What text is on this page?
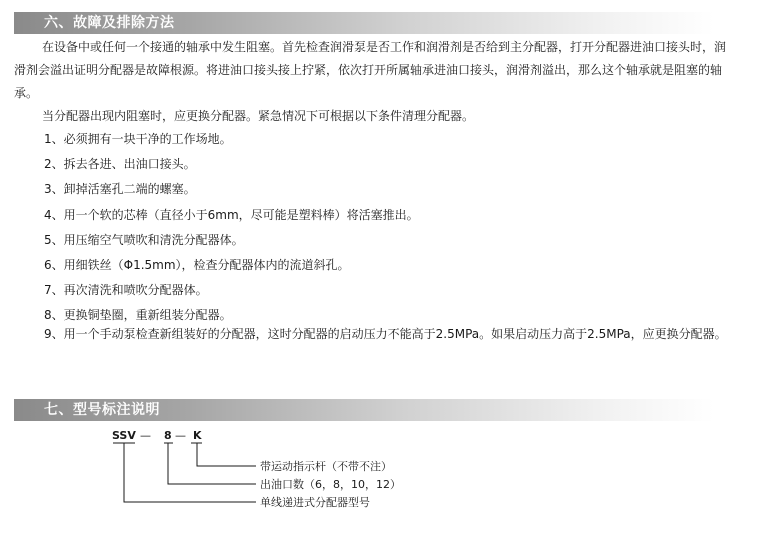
六、故障及排除方法

在设备中或任何一个接通的轴承中发生阻塞。首先检查润滑泵是否工作和润滑剂是否给到主分配器，打开分配器进油口接头时，润滑剂会溢出证明分配器是故障根源。将进油口接头接上拧紧，依次打开所属轴承进油口接头，润滑剂溢出，那么这个轴承就是阻塞的轴承。

当分配器出现内阻塞时，应更换分配器。紧急情况下可根据以下条件清理分配器。

1、必须拥有一块干净的工作场地。
2、拆去各进、出油口接头。
3、卸掉活塞孔二端的螺塞。
4、用一个软的芯棒（直径小于6mm，尽可能是塑料棒）将活塞推出。
5、用压缩空气喷吹和清洗分配器体。
6、用细铁丝（Φ1.5mm），检查分配器体内的流道斜孔。
7、再次清洗和喷吹分配器体。
8、更换铜垫圈，重新组装分配器。

9、用一个手动泵检查新组装好的分配器，这时分配器的启动压力不能高于2.5MPa。如果启动压力高于2.5MPa，应更换分配器。

七、型号标注说明
SSV — 8 — K
带运动指示杆（不带不注）
出油口数（6，8，10，12）
单线递进式分配器型号
